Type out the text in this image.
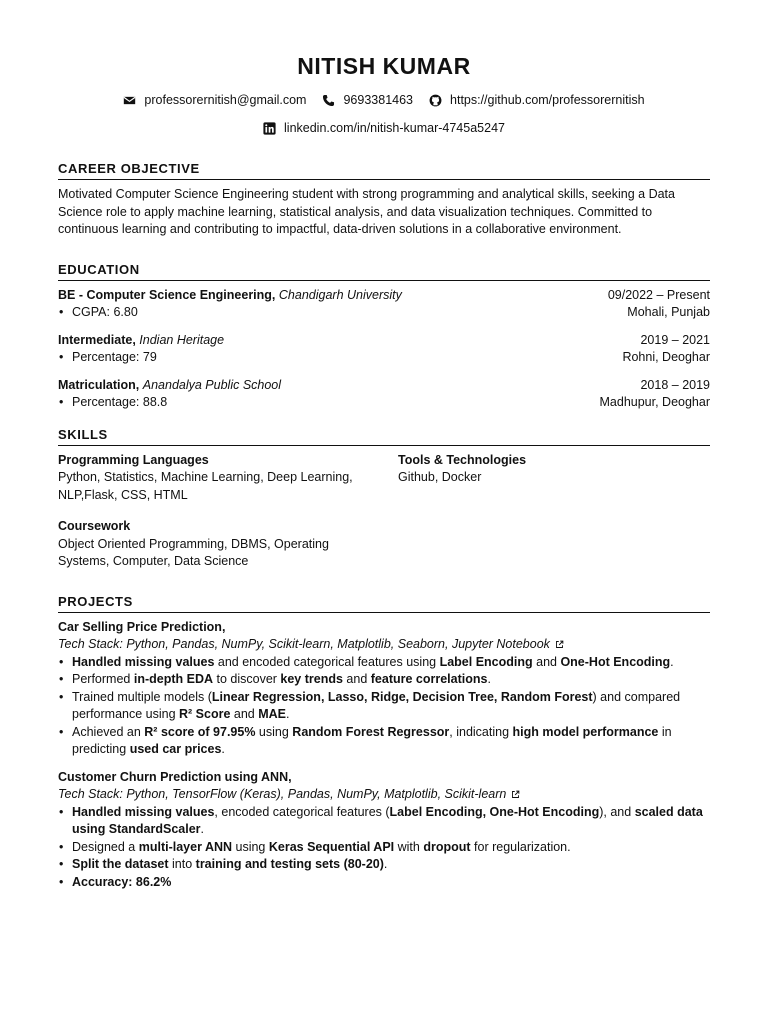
NITISH KUMAR
professorernitish@gmail.com	9693381463	https://github.com/professorernitish
linkedin.com/in/nitish-kumar-4745a5247
CAREER OBJECTIVE

Motivated Computer Science Engineering student with strong programming and analytical skills, seeking a Data Science role to apply machine learning, statistical analysis, and data visualization techniques. Committed to continuous learning and contributing to impactful, data-driven solutions in a collaborative environment.

EDUCATION
BE - Computer Science Engineering, Chandigarh University	09/2022 – Present
• CGPA: 6.80	Mohali, Punjab
Intermediate, Indian Heritage	2019 – 2021
• Percentage: 79	Rohni, Deoghar
Matriculation, Anandalya Public School	2018 – 2019
• Percentage: 88.8	Madhupur, Deoghar
SKILLS
Programming Languages
Python, Statistics, Machine Learning, Deep Learning, NLP,Flask, CSS, HTML
Tools & Technologies
Github, Docker
Coursework
Object Oriented Programming, DBMS, Operating Systems, Computer, Data Science
PROJECTS
Car Selling Price Prediction,
Tech Stack: Python, Pandas, NumPy, Scikit-learn, Matplotlib, Seaborn, Jupyter Notebook
• Handled missing values and encoded categorical features using Label Encoding and One-Hot Encoding.
• Performed in-depth EDA to discover key trends and feature correlations.
• Trained multiple models (Linear Regression, Lasso, Ridge, Decision Tree, Random Forest) and compared performance using R² Score and MAE.
• Achieved an R² score of 97.95% using Random Forest Regressor, indicating high model performance in predicting used car prices.
Customer Churn Prediction using ANN,
Tech Stack: Python, TensorFlow (Keras), Pandas, NumPy, Matplotlib, Scikit-learn
• Handled missing values, encoded categorical features (Label Encoding, One-Hot Encoding), and scaled data using StandardScaler.
• Designed a multi-layer ANN using Keras Sequential API with dropout for regularization.
• Split the dataset into training and testing sets (80-20).
• Accuracy: 86.2%
